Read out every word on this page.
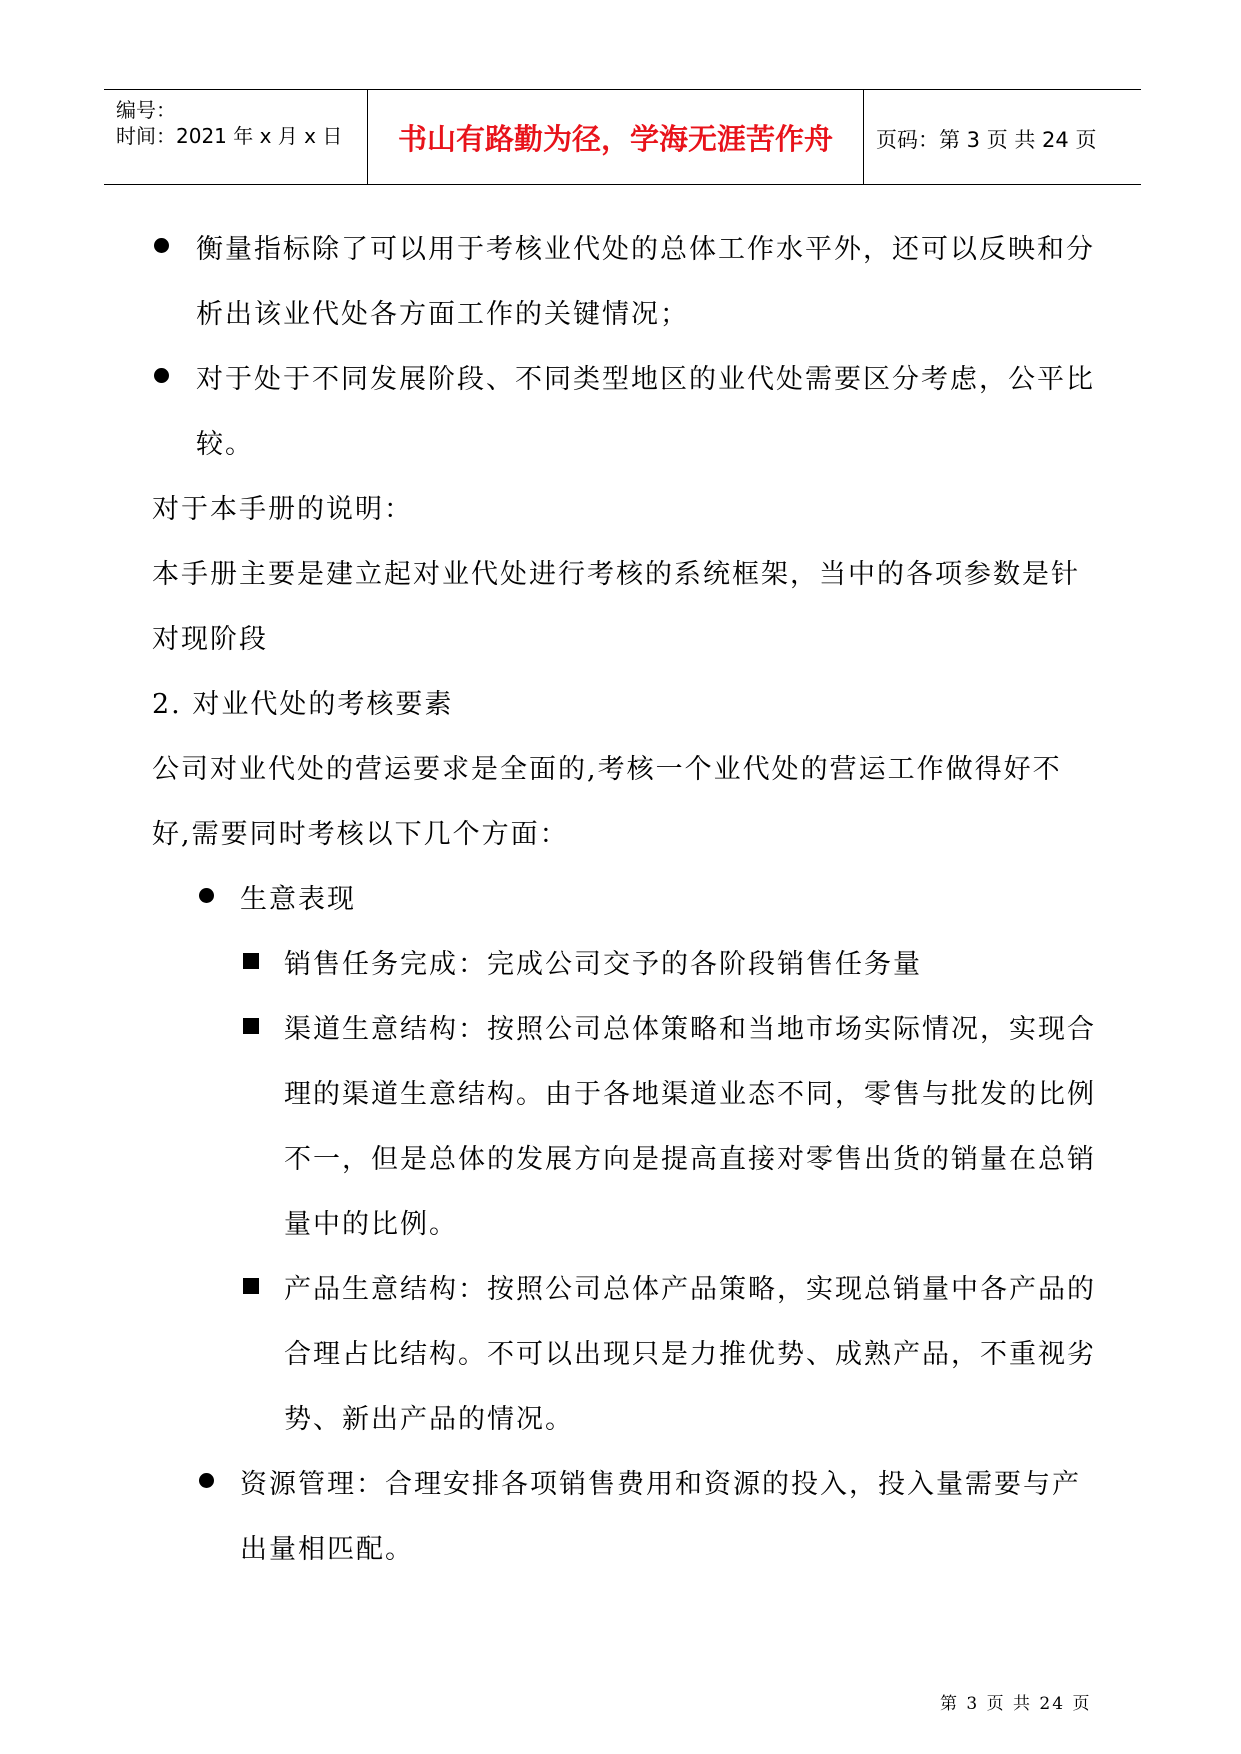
编号：
时间：2021 年 x 月 x 日	书山有路勤为径，学海无涯苦作舟	页码：第 3 页 共 24 页
衡量指标除了可以用于考核业代处的总体工作水平外，还可以反映和分
析出该业代处各方面工作的关键情况；
对于处于不同发展阶段、不同类型地区的业代处需要区分考虑，公平比
较。
对于本手册的说明：
本手册主要是建立起对业代处进行考核的系统框架，当中的各项参数是针
对现阶段
2. 对业代处的考核要素
公司对业代处的营运要求是全面的,考核一个业代处的营运工作做得好不
好,需要同时考核以下几个方面：
生意表现
销售任务完成：完成公司交予的各阶段销售任务量
渠道生意结构：按照公司总体策略和当地市场实际情况，实现合
理的渠道生意结构。由于各地渠道业态不同，零售与批发的比例
不一，但是总体的发展方向是提高直接对零售出货的销量在总销
量中的比例。
产品生意结构：按照公司总体产品策略，实现总销量中各产品的
合理占比结构。不可以出现只是力推优势、成熟产品，不重视劣
势、新出产品的情况。
资源管理：合理安排各项销售费用和资源的投入，投入量需要与产
出量相匹配。
第 3 页 共 24 页
